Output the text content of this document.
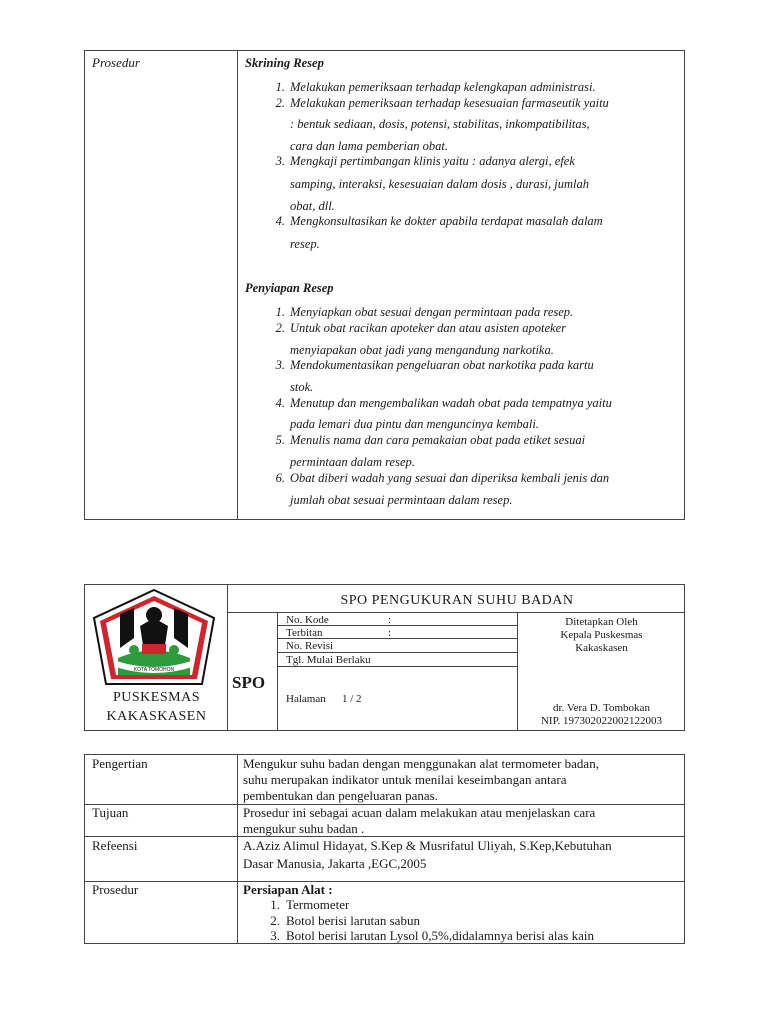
Prosedur	Skrining Resep
1. Melakukan pemeriksaan terhadap kelengkapan administrasi.
2. Melakukan pemeriksaan terhadap kesesuaian farmaseutik yaitu
: bentuk sediaan, dosis, potensi, stabilitas, inkompatibilitas,
cara dan lama pemberian obat.
3. Mengkaji pertimbangan klinis yaitu : adanya alergi, efek
samping, interaksi, kesesuaian dalam dosis , durasi, jumlah
obat, dll.
4. Mengkonsultasikan ke dokter apabila terdapat masalah dalam
resep.
Penyiapan Resep
1. Menyiapkan obat sesuai dengan permintaan pada resep.
2. Untuk obat racikan apoteker dan atau asisten apoteker
menyiapakan obat jadi yang mengandung narkotika.
3. Mendokumentasikan pengeluaran obat narkotika pada kartu
stok.
4. Menutup dan mengembalikan wadah obat pada tempatnya yaitu
pada lemari dua pintu dan menguncinya kembali.
5. Menulis nama dan cara pemakaian obat pada etiket sesuai
permintaan dalam resep.
6. Obat diberi wadah yang sesuai dan diperiksa kembali jenis dan
jumlah obat sesuai permintaan dalam resep.
KOTA TOMOHON
PUSKESMAS
KAKASKASEN
SPO PENGUKURAN SUHU BADAN
SPO
No. Kode	:
Terbitan	:
No. Revisi
Tgl. Mulai Berlaku
Halaman 1 / 2
Ditetapkan Oleh
Kepala Puskesmas
Kakaskasen
dr. Vera D. Tombokan
NIP. 197302022002122003
Pengertian	Mengukur suhu badan dengan menggunakan alat termometer badan,
suhu merupakan indikator untuk menilai keseimbangan antara
pembentukan dan pengeluaran panas.
Tujuan	Prosedur ini sebagai acuan dalam melakukan atau menjelaskan cara
mengukur suhu badan .
Refeensi	A.Aziz Alimul Hidayat, S.Kep & Musrifatul Uliyah, S.Kep,Kebutuhan
Dasar Manusia, Jakarta ,EGC,2005
Prosedur	Persiapan Alat :
1. Termometer
2. Botol berisi larutan sabun
3. Botol berisi larutan Lysol 0,5%,didalamnya berisi alas kain
